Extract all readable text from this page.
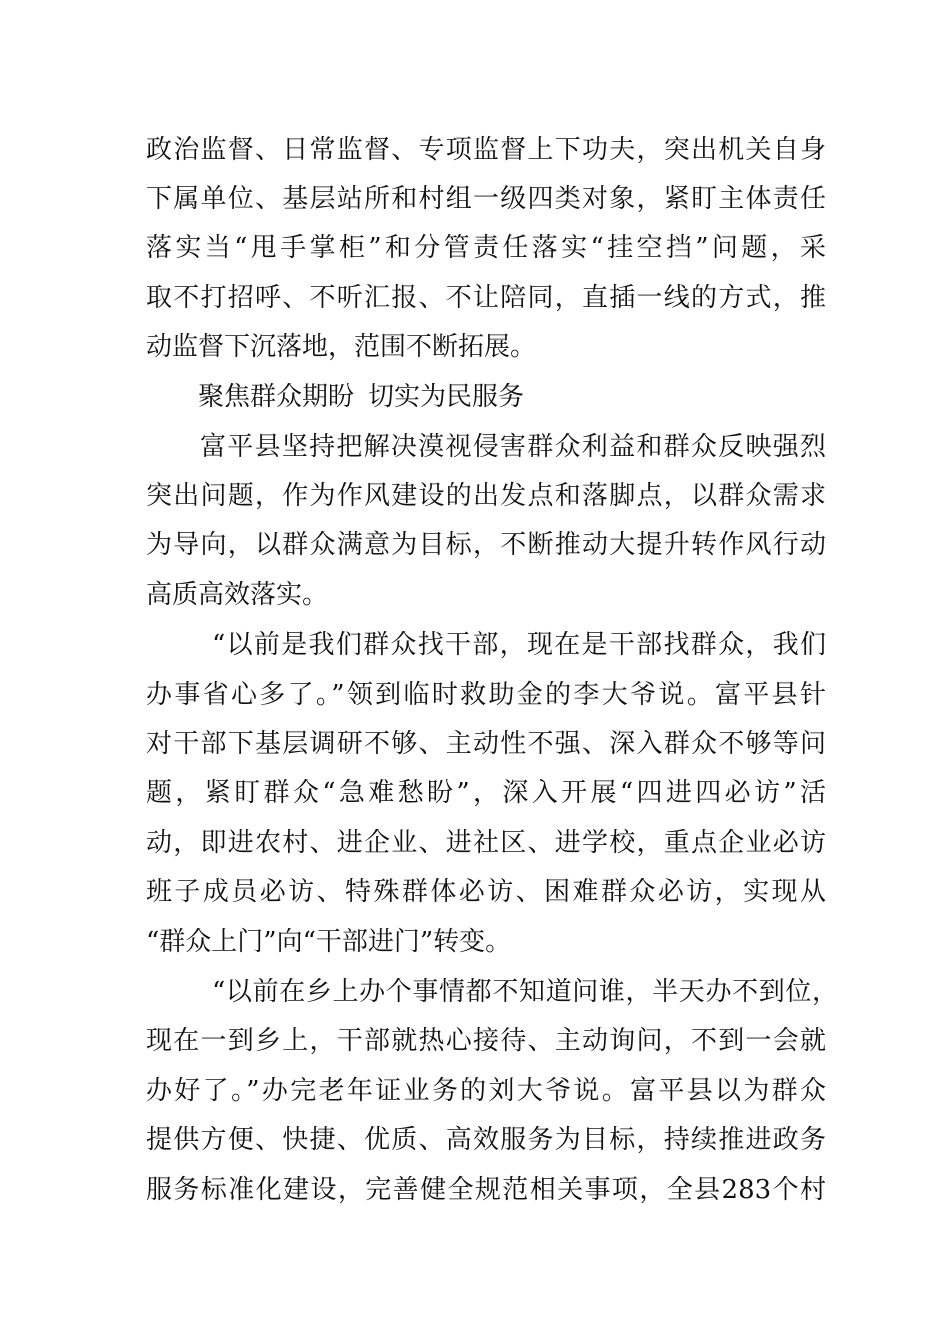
政治监督、日常监督、专项监督上下功夫，突出机关自身
下属单位、基层站所和村组一级四类对象，紧盯主体责任
落实当“甩手掌柜”和分管责任落实“挂空挡”问题，采
取不打招呼、不听汇报、不让陪同，直插一线的方式，推
动监督下沉落地，范围不断拓展。
聚焦群众期盼 切实为民服务
富平县坚持把解决漠视侵害群众利益和群众反映强烈
突出问题，作为作风建设的出发点和落脚点，以群众需求
为导向，以群众满意为目标，不断推动大提升转作风行动
高质高效落实。
“以前是我们群众找干部，现在是干部找群众，我们
办事省心多了。”领到临时救助金的李大爷说。富平县针
对干部下基层调研不够、主动性不强、深入群众不够等问
题，紧盯群众“急难愁盼”，深入开展“四进四必访”活
动，即进农村、进企业、进社区、进学校，重点企业必访
班子成员必访、特殊群体必访、困难群众必访，实现从
“群众上门”向“干部进门”转变。
“以前在乡上办个事情都不知道问谁，半天办不到位，
现在一到乡上，干部就热心接待、主动询问，不到一会就
办好了。”办完老年证业务的刘大爷说。富平县以为群众
提供方便、快捷、优质、高效服务为目标，持续推进政务
服务标准化建设，完善健全规范相关事项，全县283个村
